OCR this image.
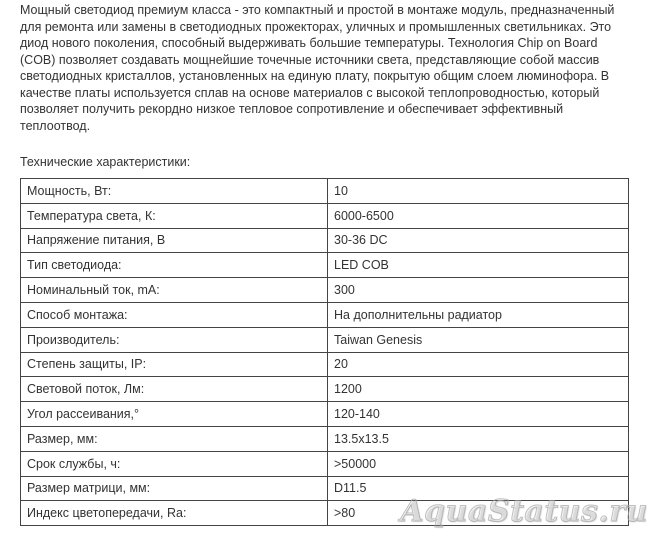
Мощный светодиод премиум класса - это компактный и простой в монтаже модуль, предназначенный для ремонта или замены в светодиодных прожекторах, уличных и промышленных светильниках. Это диод нового поколения, способный выдерживать большие температуры. Технология Chip on Board (COB) позволяет создавать мощнейшие точечные источники света, представляющие собой массив светодиодных кристаллов, установленных на единую плату, покрытую общим слоем люминофора. В качестве платы используется сплав на основе материалов с высокой теплопроводностью, который позволяет получить рекордно низкое тепловое сопротивление и обеспечивает эффективный теплоотвод.

Технические характеристики:
Мощность, Вт:	10
Температура света, К:	6000-6500
Напряжение питания, В	30-36 DC
Тип светодиода:	LED COB
Номинальный ток, mA:	300
Способ монтажа:	На дополнительны радиатор
Производитель:	Taiwan Genesis
Степень защиты, IP:	20
Световой поток, Лм:	1200
Угол рассеивания,°	120-140
Размер, мм:	13.5x13.5
Срок службы, ч:	>50000
Размер матрици, мм:	D11.5
Индекс цветопередачи, Ra:	>80 AquaStatus.ru
